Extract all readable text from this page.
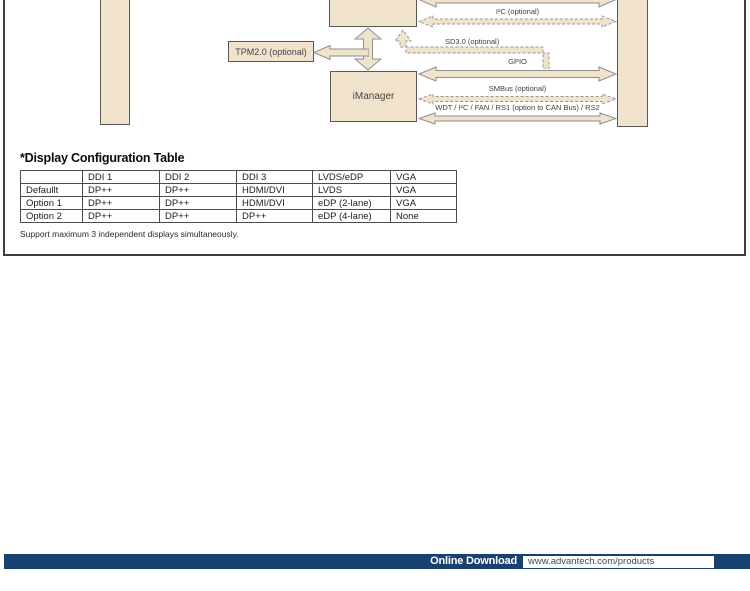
TPM2.0 (optional)
iManager
I²C (optional)
SD3.0 (optional)
GPIO
SMBus (optional)
WDT / I²C / FAN / RS1 (option to CAN Bus) / RS2
*Display Configuration Table
	DDI 1	DDI 2	DDI 3	LVDS/eDP	VGA
Defaullt	DP++	DP++	HDMI/DVI	LVDS	VGA
Option 1	DP++	DP++	HDMI/DVI	eDP (2-lane)	VGA
Option 2	DP++	DP++	DP++	eDP (4-lane)	None
Support maximum 3 independent displays simultaneously.
Online Download	www.advantech.com/products
